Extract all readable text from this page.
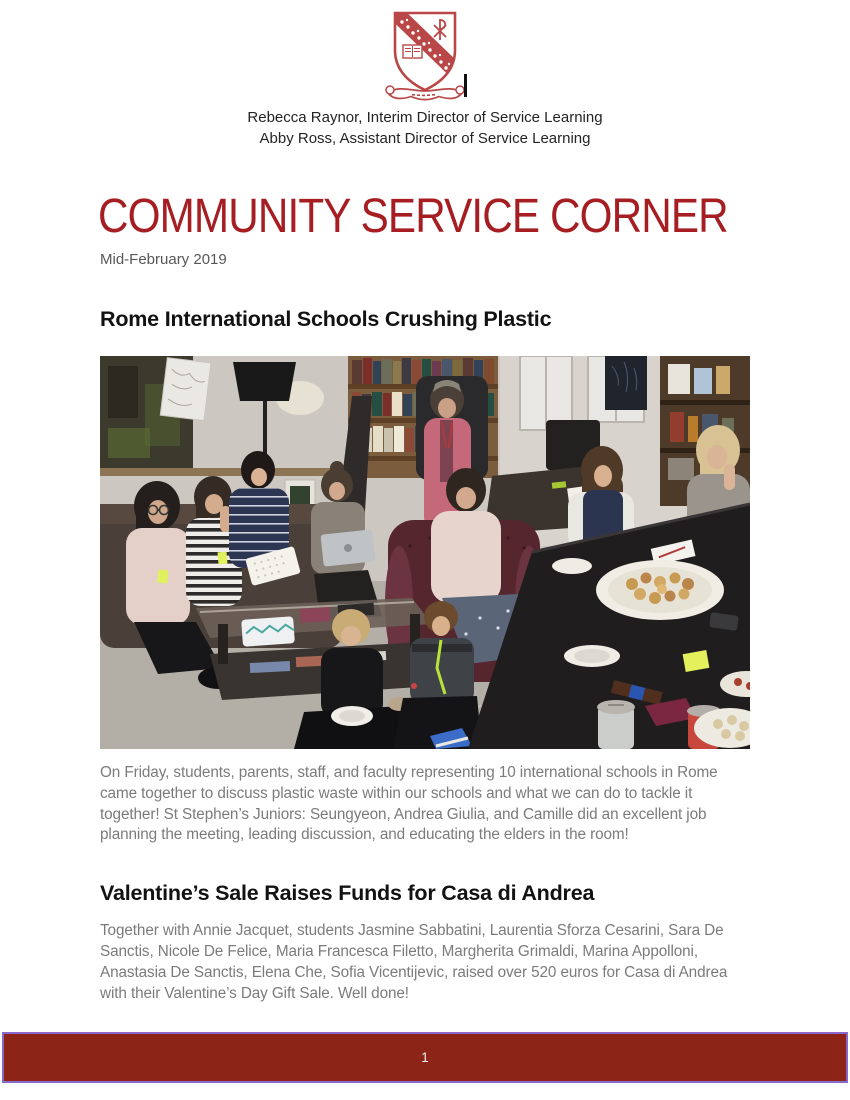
Rebecca Raynor, Interim Director of Service Learning

Abby Ross, Assistant Director of Service Learning

COMMUNITY SERVICE CORNER

Mid-February 2019

Rome International Schools Crushing Plastic

On Friday, students, parents, staff, and faculty representing 10 international schools in Rome came together to discuss plastic waste within our schools and what we can do to tackle it together! St Stephen’s Juniors: Seungyeon, Andrea Giulia, and Camille did an excellent job planning the meeting, leading discussion, and educating the elders in the room!

Valentine’s Sale Raises Funds for Casa di Andrea

Together with Annie Jacquet, students Jasmine Sabbatini, Laurentia Sforza Cesarini, Sara De Sanctis, Nicole De Felice, Maria Francesca Filetto, Margherita Grimaldi, Marina Appolloni, Anastasia De Sanctis, Elena Che, Sofia Vicentijevic, raised over 520 euros for Casa di Andrea with their Valentine’s Day Gift Sale. Well done!

1
